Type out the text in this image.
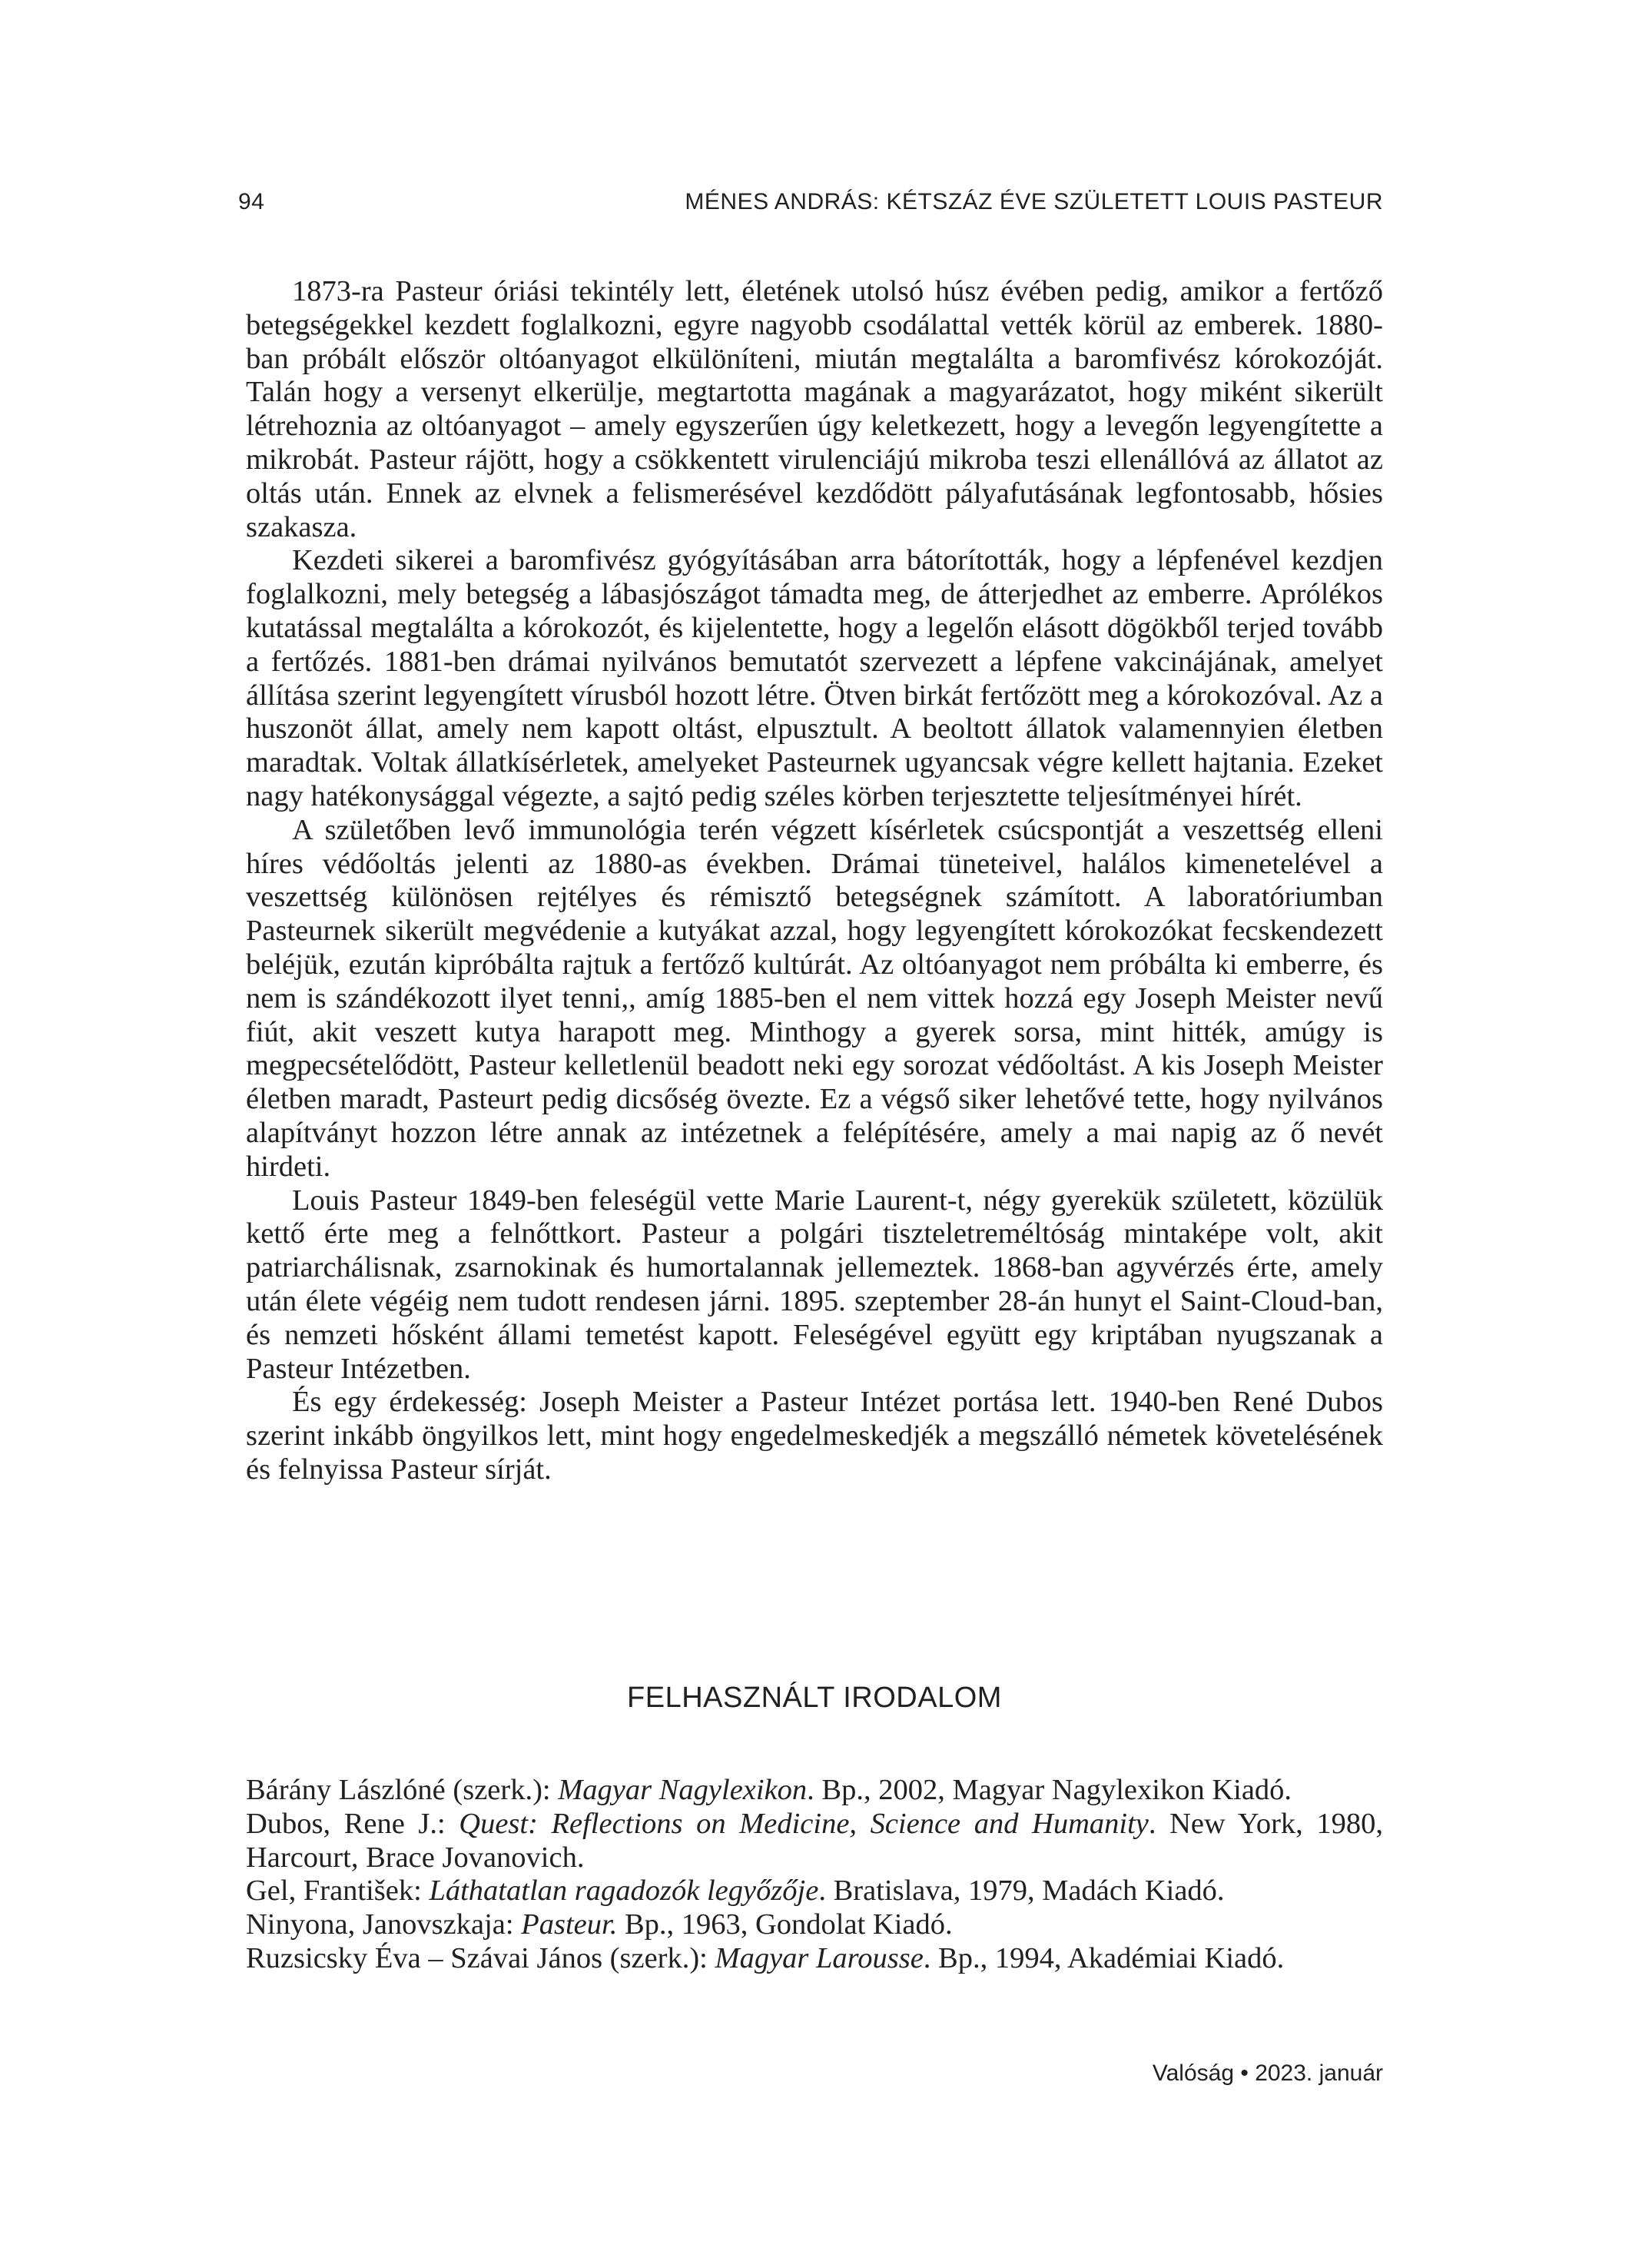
94	MÉNES ANDRÁS: KÉTSZÁZ ÉVE SZÜLETETT LOUIS PASTEUR

1873-ra Pasteur óriási tekintély lett, életének utolsó húsz évében pedig, amikor a fertőző betegségekkel kezdett foglalkozni, egyre nagyobb csodálattal vették körül az emberek. 1880-ban próbált először oltóanyagot elkülöníteni, miután megtalálta a baromfivész kórokozóját. Talán hogy a versenyt elkerülje, megtartotta magának a magyarázatot, hogy miként sikerült létrehoznia az oltóanyagot – amely egyszerűen úgy keletkezett, hogy a levegőn legyengítette a mikrobát. Pasteur rájött, hogy a csökkentett virulenciájú mikroba teszi ellenállóvá az állatot az oltás után. Ennek az elvnek a felismerésével kezdődött pályafutásának legfontosabb, hősies szakasza.

Kezdeti sikerei a baromfivész gyógyításában arra bátorították, hogy a lépfenével kezdjen foglalkozni, mely betegség a lábasjószágot támadta meg, de átterjedhet az emberre. Aprólékos kutatással megtalálta a kórokozót, és kijelentette, hogy a legelőn elásott dögökből terjed tovább a fertőzés. 1881-ben drámai nyilvános bemutatót szervezett a lépfene vakcinájának, amelyet állítása szerint legyengített vírusból hozott létre. Ötven birkát fertőzött meg a kórokozóval. Az a huszonöt állat, amely nem kapott oltást, elpusztult. A beoltott állatok valamennyien életben maradtak. Voltak állatkísérletek, amelyeket Pasteurnek ugyancsak végre kellett hajtania. Ezeket nagy hatékonysággal végezte, a sajtó pedig széles körben terjesztette teljesítményei hírét.

A születőben levő immunológia terén végzett kísérletek csúcspontját a veszettség elleni híres védőoltás jelenti az 1880-as években. Drámai tüneteivel, halálos kimenetelével a veszettség különösen rejtélyes és rémisztő betegségnek számított. A laboratóriumban Pasteurnek sikerült megvédenie a kutyákat azzal, hogy legyengített kórokozókat fecskendezett beléjük, ezután kipróbálta rajtuk a fertőző kultúrát. Az oltóanyagot nem próbálta ki emberre, és nem is szándékozott ilyet tenni,, amíg 1885-ben el nem vittek hozzá egy Joseph Meister nevű fiút, akit veszett kutya harapott meg. Minthogy a gyerek sorsa, mint hitték, amúgy is megpecsételődött, Pasteur kelletlenül beadott neki egy sorozat védőoltást. A kis Joseph Meister életben maradt, Pasteurt pedig dicsőség övezte. Ez a végső siker lehetővé tette, hogy nyilvános alapítványt hozzon létre annak az intézetnek a felépítésére, amely a mai napig az ő nevét hirdeti.

Louis Pasteur 1849-ben feleségül vette Marie Laurent-t, négy gyerekük született, közülük kettő érte meg a felnőttkort. Pasteur a polgári tiszteletreméltóság mintaképe volt, akit patriarchálisnak, zsarnokinak és humortalannak jellemeztek. 1868-ban agyvérzés érte, amely után élete végéig nem tudott rendesen járni. 1895. szeptember 28-án hunyt el Saint-Cloud-ban, és nemzeti hősként állami temetést kapott. Feleségével együtt egy kriptában nyugszanak a Pasteur Intézetben.

És egy érdekesség: Joseph Meister a Pasteur Intézet portása lett. 1940-ben René Dubos szerint inkább öngyilkos lett, mint hogy engedelmeskedjék a megszálló németek követelésének és felnyissa Pasteur sírját.

FELHASZNÁLT IRODALOM

Bárány Lászlóné (szerk.): Magyar Nagylexikon. Bp., 2002, Magyar Nagylexikon Kiadó.

Dubos, Rene J.: Quest: Reflections on Medicine, Science and Humanity. New York, 1980, Harcourt, Brace Jovanovich.

Gel, František: Láthatatlan ragadozók legyőzője. Bratislava, 1979, Madách Kiadó.

Ninyona, Janovszkaja: Pasteur. Bp., 1963, Gondolat Kiadó.

Ruzsicsky Éva – Szávai János (szerk.): Magyar Larousse. Bp., 1994, Akadémiai Kiadó.

Valóság • 2023. január
